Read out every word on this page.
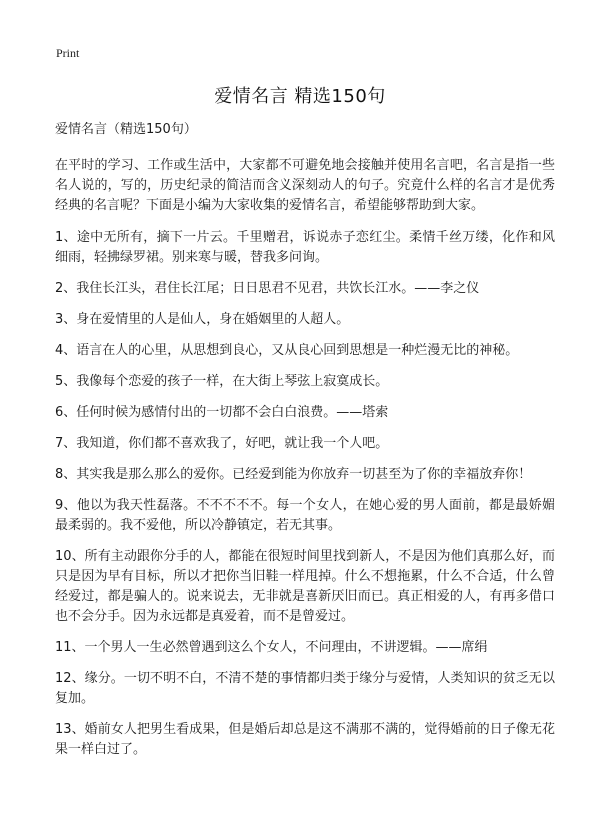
Print
爱情名言 精选150句

爱情名言（精选150句）

在平时的学习、工作或生活中，大家都不可避免地会接触并使用名言吧，名言是指一些名人说的，写的，历史纪录的简洁而含义深刻动人的句子。究竟什么样的名言才是优秀经典的名言呢？下面是小编为大家收集的爱情名言，希望能够帮助到大家。

1、途中无所有，摘下一片云。千里赠君，诉说赤子恋红尘。柔情千丝万缕，化作和风细雨，轻拂绿罗裙。别来寒与暖，替我多问询。

2、我住长江头，君住长江尾；日日思君不见君，共饮长江水。——李之仪

3、身在爱情里的人是仙人，身在婚姻里的人超人。

4、语言在人的心里，从思想到良心，又从良心回到思想是一种烂漫无比的神秘。

5、我像每个恋爱的孩子一样，在大街上琴弦上寂寞成长。

6、任何时候为感情付出的一切都不会白白浪费。——塔索

7、我知道，你们都不喜欢我了，好吧，就让我一个人吧。

8、其实我是那么那么的爱你。已经爱到能为你放弃一切甚至为了你的幸福放弃你！

9、他以为我天性磊落。不不不不不。每一个女人，在她心爱的男人面前，都是最娇媚最柔弱的。我不爱他，所以冷静镇定，若无其事。

10、所有主动跟你分手的人，都能在很短时间里找到新人，不是因为他们真那么好，而只是因为早有目标，所以才把你当旧鞋一样甩掉。什么不想拖累，什么不合适，什么曾经爱过，都是骗人的。说来说去，无非就是喜新厌旧而已。真正相爱的人，有再多借口也不会分手。因为永远都是真爱着，而不是曾爱过。

11、一个男人一生必然曾遇到这么个女人，不问理由，不讲逻辑。——席绢

12、缘分。一切不明不白，不清不楚的事情都归类于缘分与爱情，人类知识的贫乏无以复加。

13、婚前女人把男生看成果，但是婚后却总是这不满那不满的，觉得婚前的日子像无花果一样白过了。
